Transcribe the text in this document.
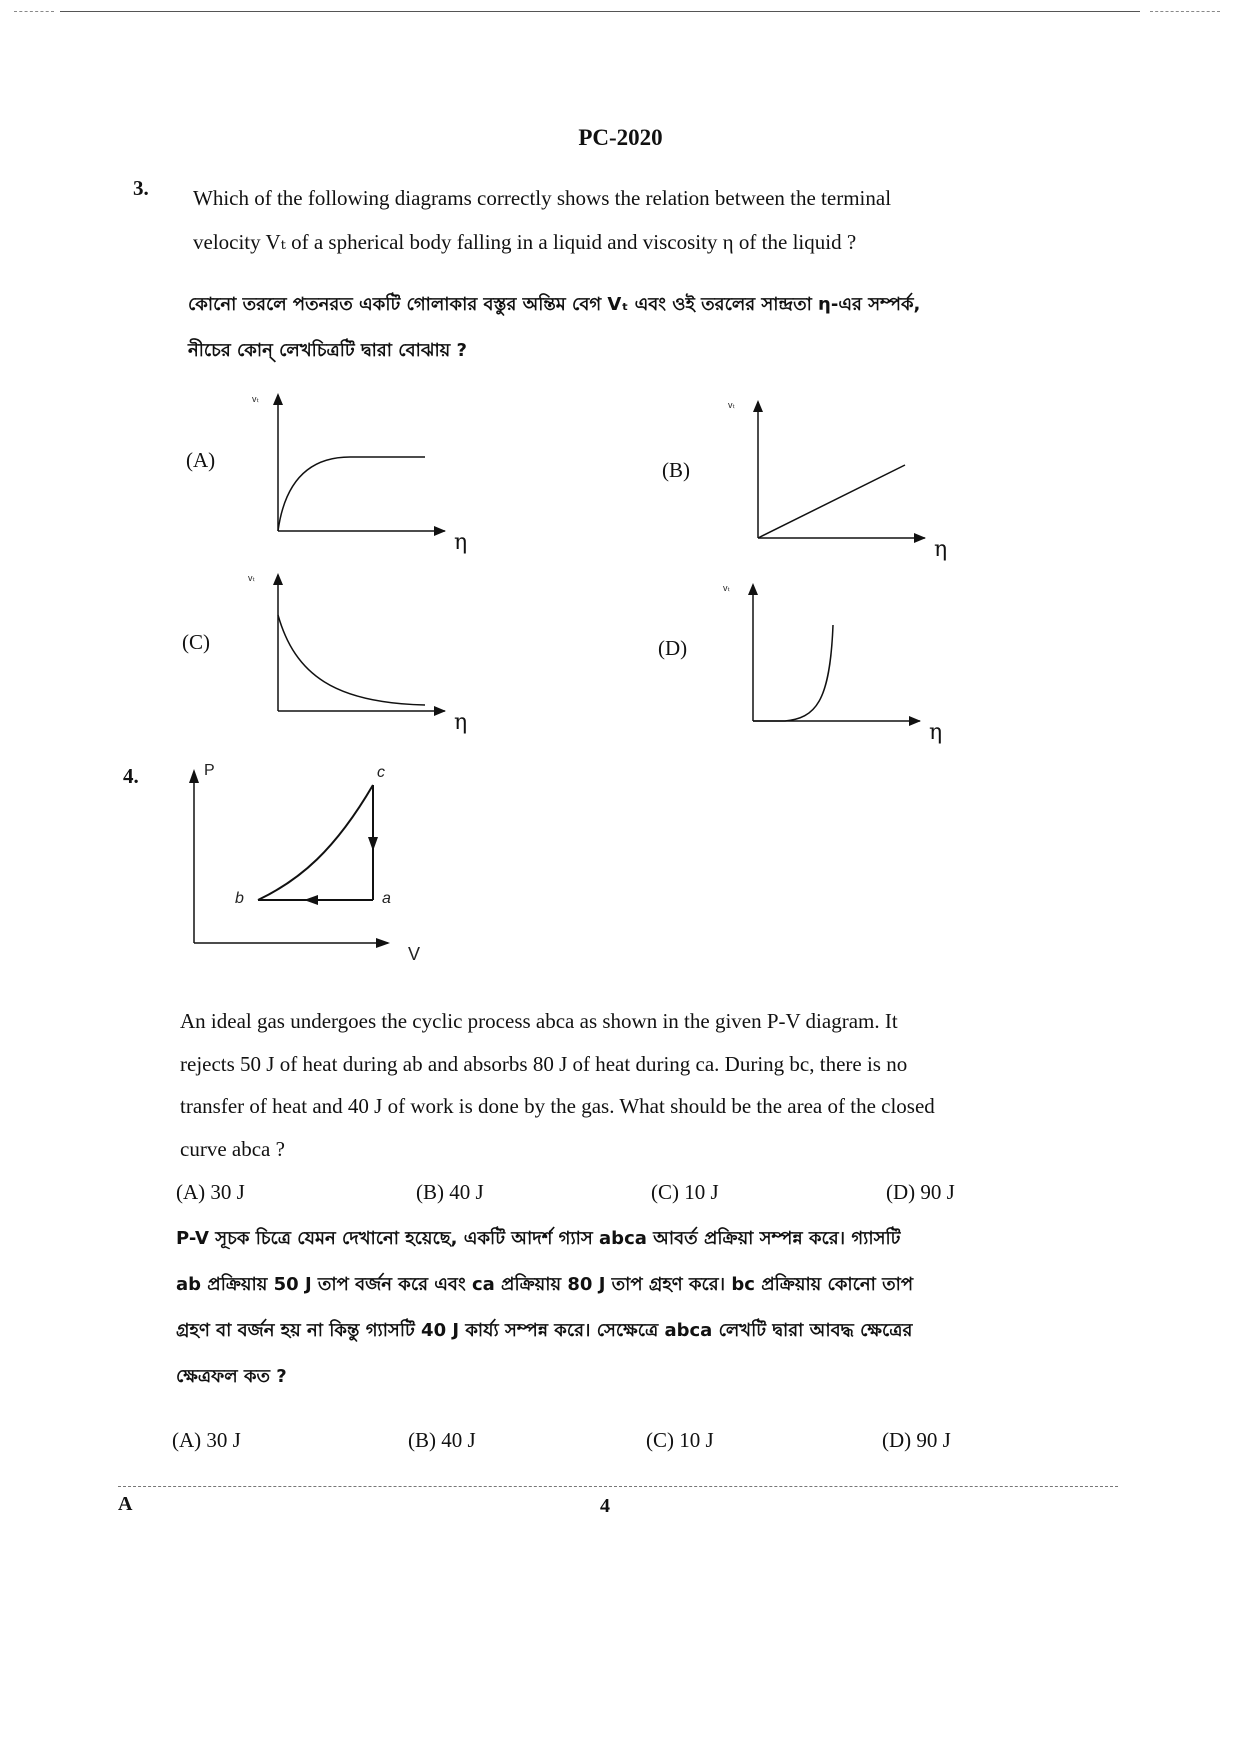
PC-2020
3. Which of the following diagrams correctly shows the relation between the terminal
velocity Vₜ of a spherical body falling in a liquid and viscosity η of the liquid ?
কোনো তরলে পতনরত একটি গোলাকার বস্তুর অন্তিম বেগ Vₜ এবং ওই তরলের সান্দ্রতা η-এর সম্পর্ক,
নীচের কোন্ লেখচিত্রটি দ্বারা বোঝায় ?
(A)
vₜ
η
(B)
vₜ
η
(C)
vₜ
η
(D)
vₜ
η
4.	P
V
c
a
b
An ideal gas undergoes the cyclic process abca as shown in the given P-V diagram. It
rejects 50 J of heat during ab and absorbs 80 J of heat during ca. During bc, there is no
transfer of heat and 40 J of work is done by the gas. What should be the area of the closed
curve abca ?
(A) 30 J	(B) 40 J	(C) 10 J	(D) 90 J
P-V সূচক চিত্রে যেমন দেখানো হয়েছে, একটি আদর্শ গ্যাস abca আবর্ত প্রক্রিয়া সম্পন্ন করে। গ্যাসটি
ab প্রক্রিয়ায় 50 J তাপ বর্জন করে এবং ca প্রক্রিয়ায় 80 J তাপ গ্রহণ করে। bc প্রক্রিয়ায় কোনো তাপ
গ্রহণ বা বর্জন হয় না কিন্তু গ্যাসটি 40 J কার্য্য সম্পন্ন করে। সেক্ষেত্রে abca লেখটি দ্বারা আবদ্ধ ক্ষেত্রের
ক্ষেত্রফল কত ?
(A) 30 J	(B) 40 J	(C) 10 J	(D) 90 J
A	4
